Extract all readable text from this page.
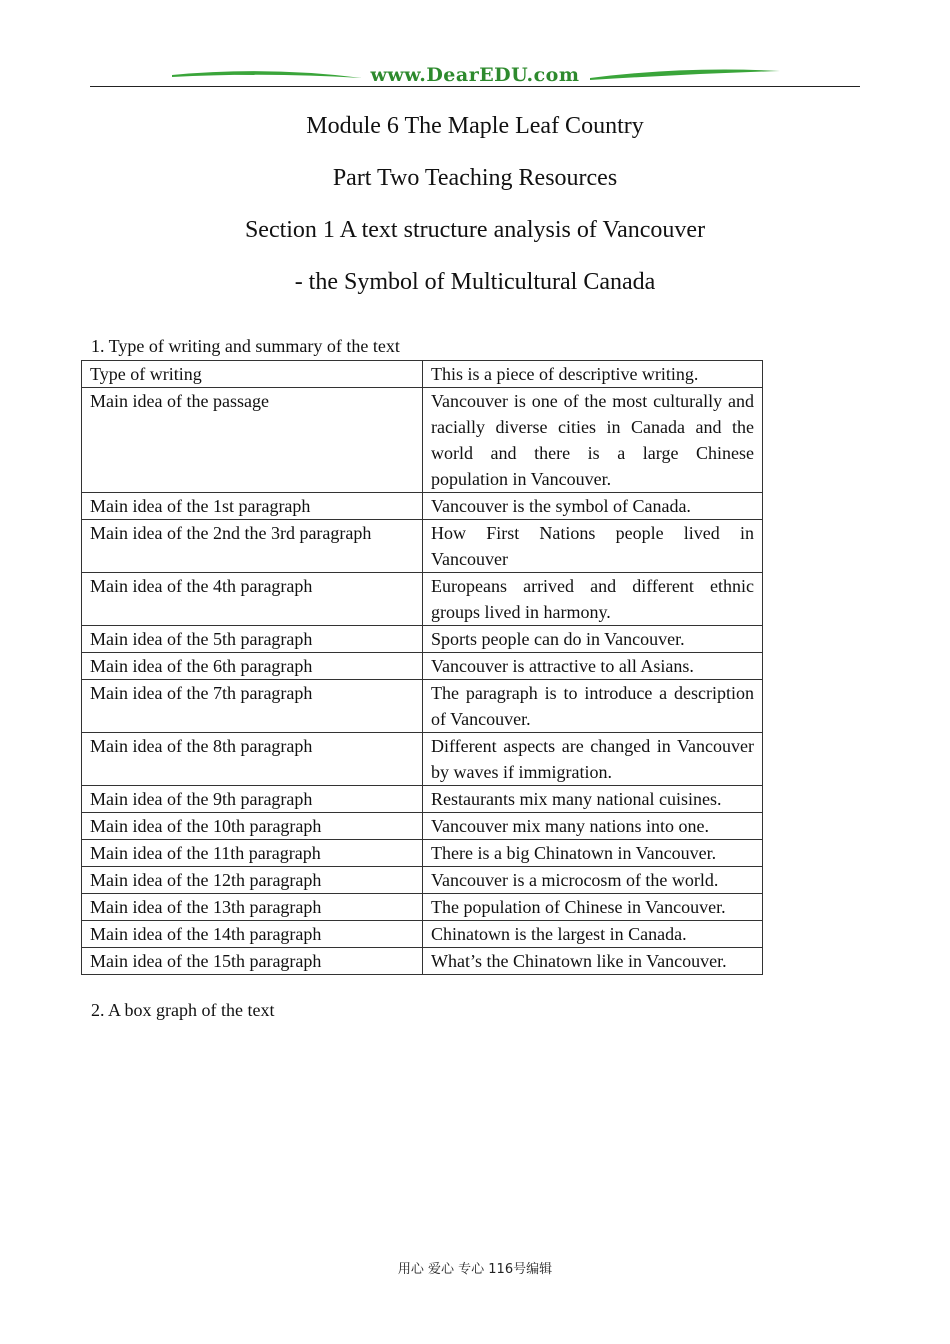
www.DearEDU.com
Module 6 The Maple Leaf Country
Part Two Teaching Resources
Section 1 A text structure analysis of Vancouver
- the Symbol of Multicultural Canada
1. Type of writing and summary of the text
Type of writing	This is a piece of descriptive writing.
Main idea of the passage	Vancouver is one of the most culturally and racially diverse cities in Canada and the world and there is a large Chinese population in Vancouver.
Main idea of the 1st paragraph	Vancouver is the symbol of Canada.
Main idea of the 2nd the 3rd paragraph	How First Nations people lived in Vancouver
Main idea of the 4th paragraph	Europeans arrived and different ethnic groups lived in harmony.
Main idea of the 5th paragraph	Sports people can do in Vancouver.
Main idea of the 6th paragraph	Vancouver is attractive to all Asians.
Main idea of the 7th paragraph	The paragraph is to introduce a description of Vancouver.
Main idea of the 8th paragraph	Different aspects are changed in Vancouver by waves if immigration.
Main idea of the 9th paragraph	Restaurants mix many national cuisines.
Main idea of the 10th paragraph	Vancouver mix many nations into one.
Main idea of the 11th paragraph	There is a big Chinatown in Vancouver.
Main idea of the 12th paragraph	Vancouver is a microcosm of the world.
Main idea of the 13th paragraph	The population of Chinese in Vancouver.
Main idea of the 14th paragraph	Chinatown is the largest in Canada.
Main idea of the 15th paragraph	What’s the Chinatown like in Vancouver.
2. A box graph of the text
用心 爱心 专心 116号编辑
